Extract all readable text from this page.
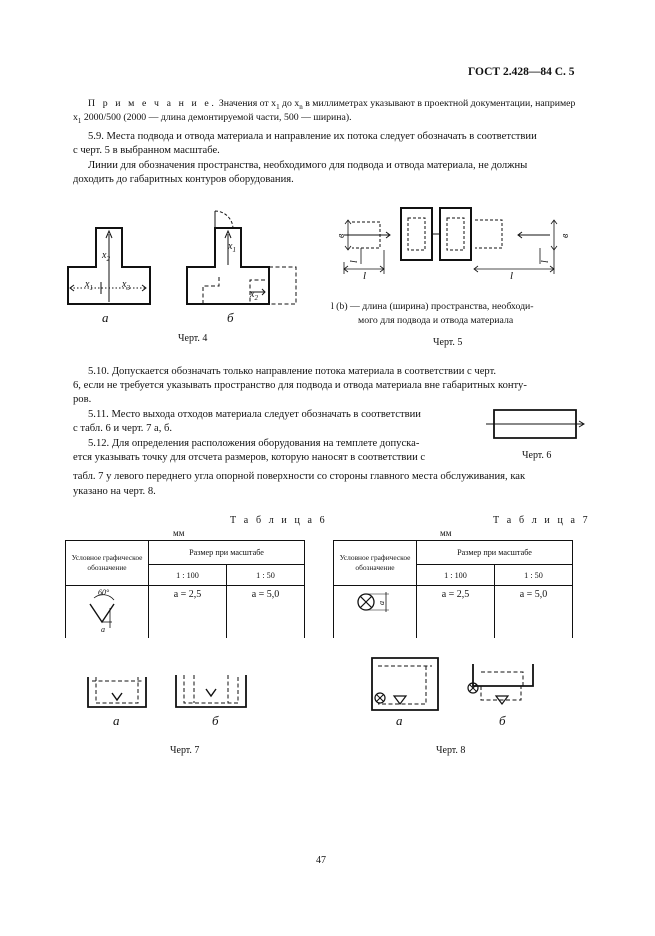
ГОСТ 2.428—84 С. 5
П р и м е ч а н и е. Значения от $x_1$ до $x_n$ в миллиметрах указывают в проектной документации, например
$x_1$ 2000/500 (2000 — длина демонтируемой части, 500 — ширина).
5.9. Места подвода и отвода материала и направление их потока следует обозначать в соответствии
с черт. 5 в выбранном масштабе.
Линии для обозначения пространства, необходимого для подвода и отвода материала, не должны
доходить до габаритных контуров оборудования.
$x_2$
$x_1$	$x_3$
а
$x_1$
$x_2$
б
Черт. 4
в
l
l
в
l
l
l (b) — длина (ширина) пространства, необходи-
мого для подвода и отвода материала
Черт. 5
5.10. Допускается обозначать только направление потока материала в соответствии с черт.
6, если не требуется указывать пространство для подвода и отвода материала вне габаритных конту-
ров.
5.11. Место выхода отходов материала следует обозначать в соответствии
с табл. 6 и черт. 7 а, б.
Черт. 6
5.12. Для определения расположения оборудования на темплете допуска-
ется указывать точку для отсчета размеров, которую наносят в соответствии с
табл. 7 у левого переднего угла опорной поверхности со стороны главного места обслуживания, как
указано на черт. 8.
Т а б л и ц а 6
мм
Условное графическое обозначение	Размер при масштабе	
	1 : 100	1 : 50

60°
a	a = 2,5	a = 5,0
Т а б л и ц а 7
мм
Условное графическое обозначение	Размер при масштабе	
	1 : 100	1 : 50

a	a = 2,5	a = 5,0
а	б
Черт. 7
а	б
Черт. 8
47
